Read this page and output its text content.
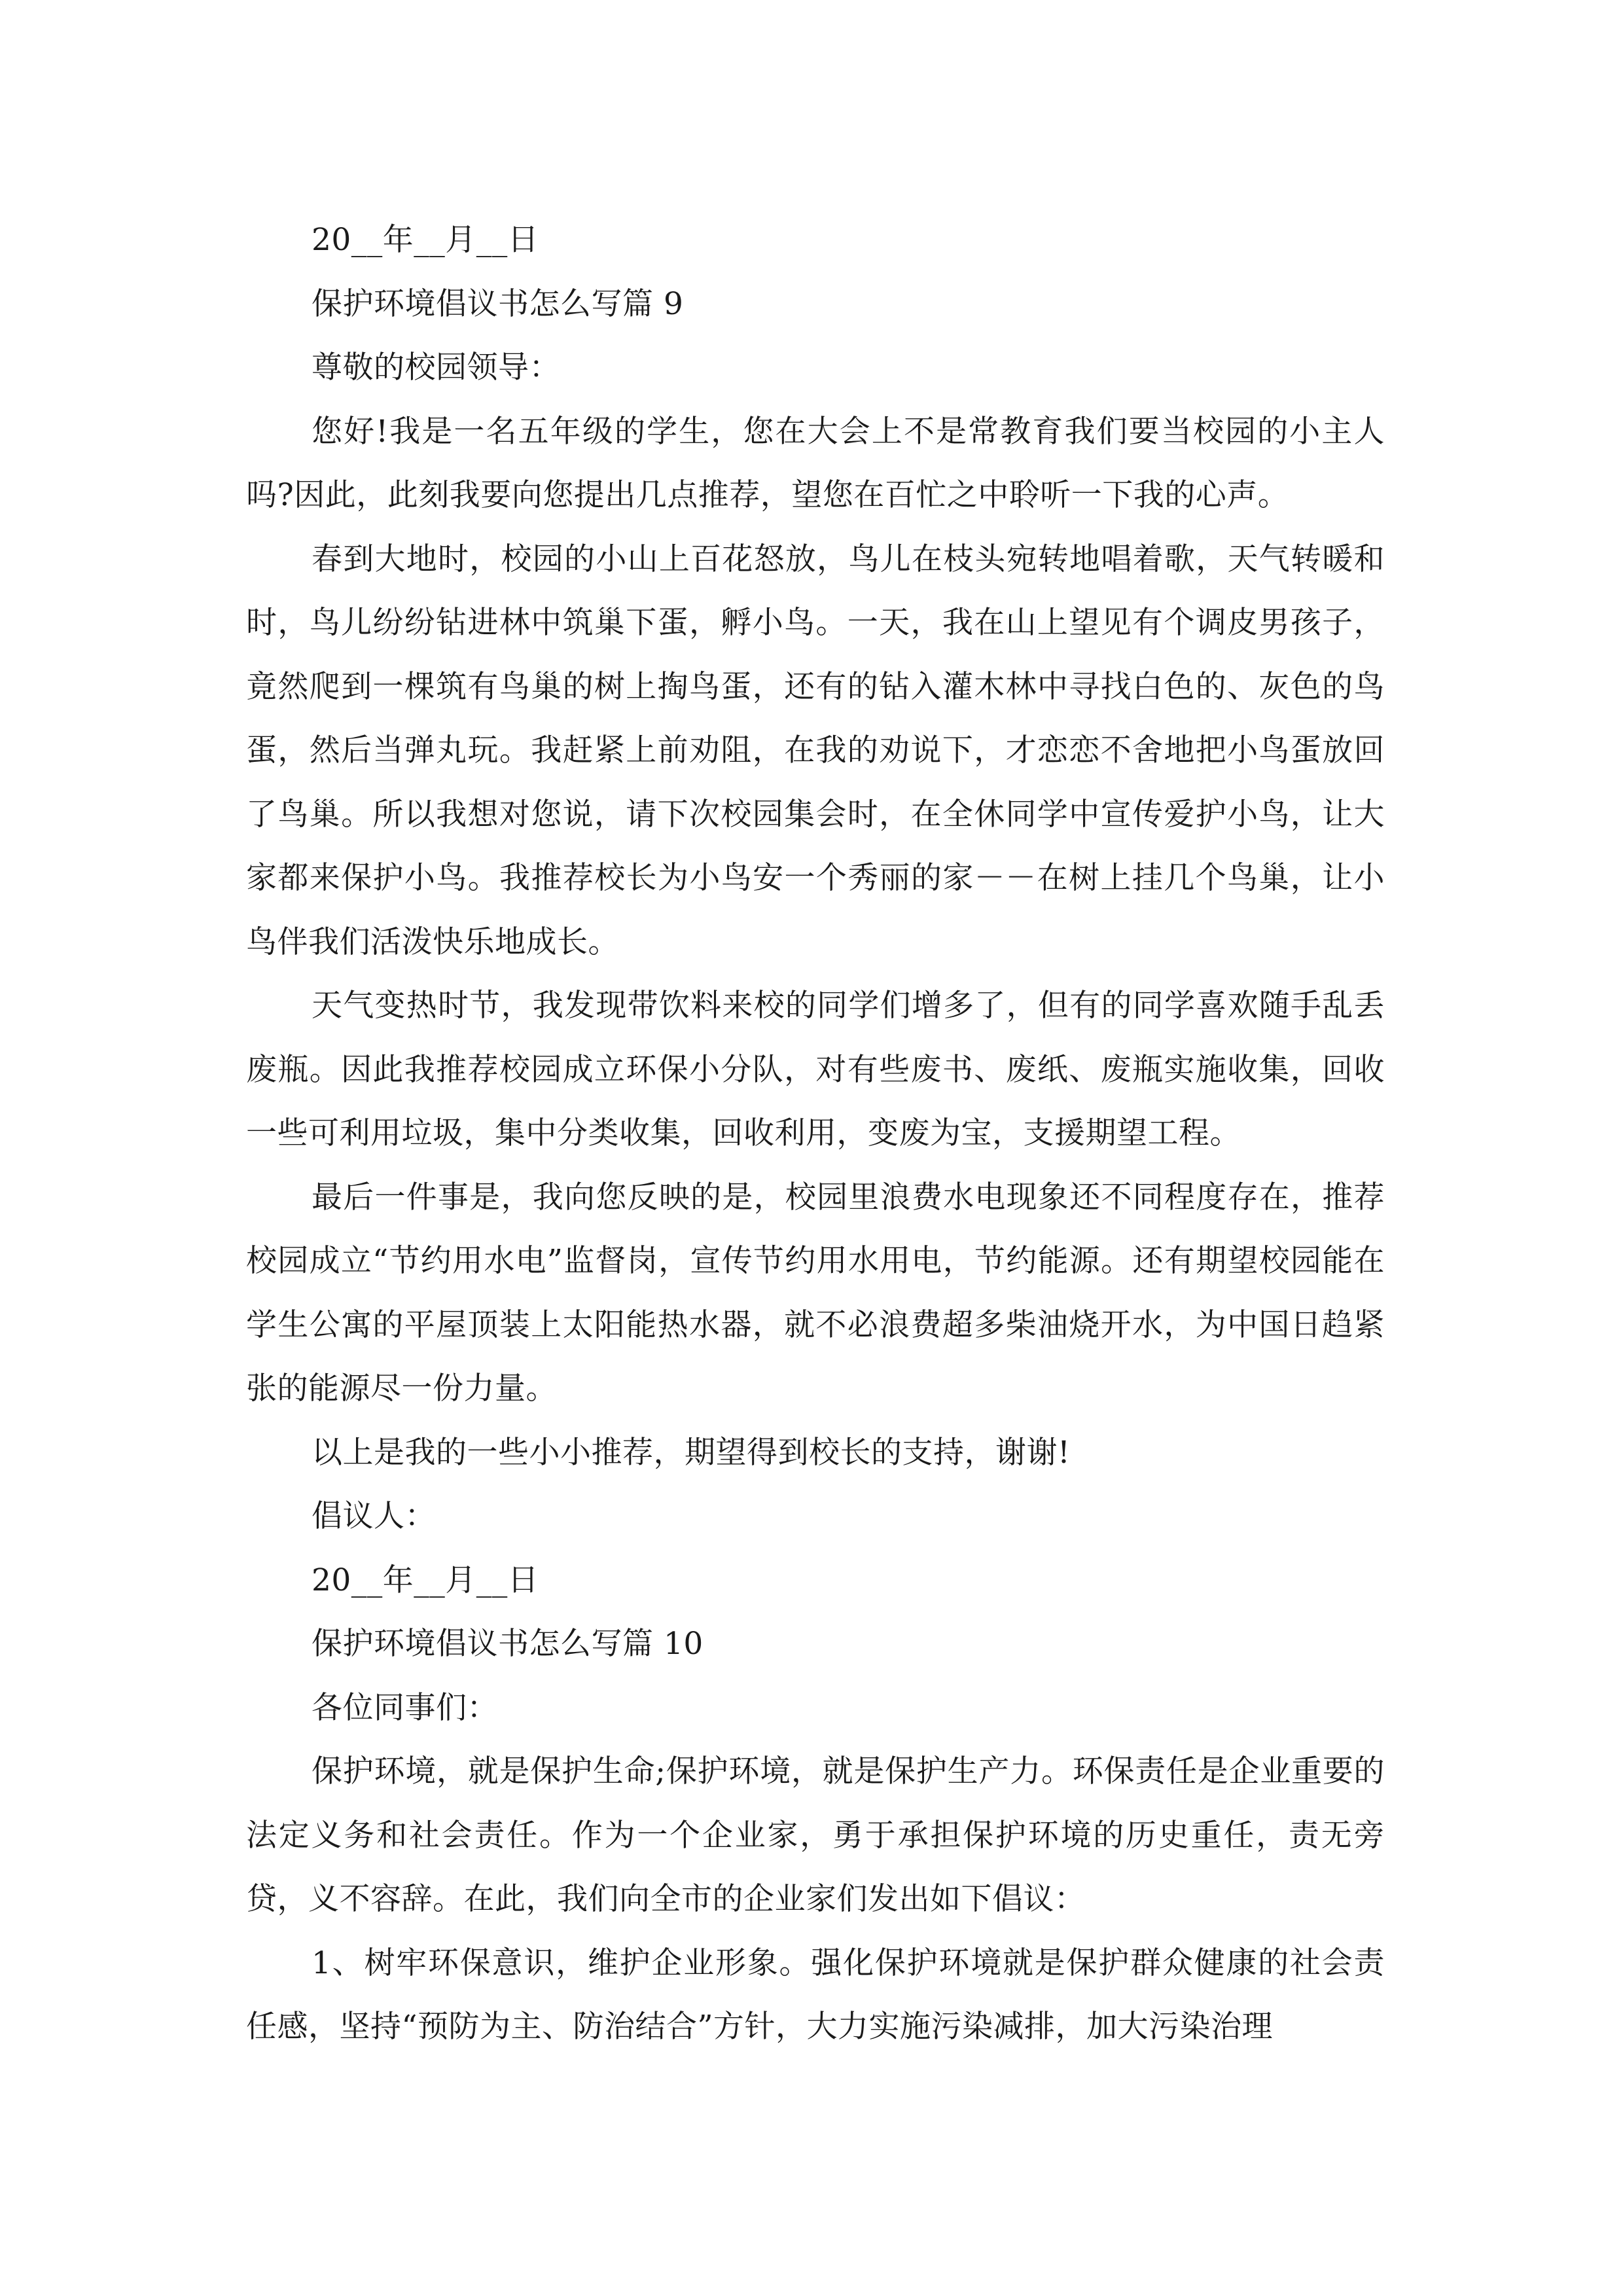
20__年__月__日

保护环境倡议书怎么写篇 9

尊敬的校园领导：

您好!我是一名五年级的学生，您在大会上不是常教育我们要当校园的小主人吗?因此，此刻我要向您提出几点推荐，望您在百忙之中聆听一下我的心声。

春到大地时，校园的小山上百花怒放，鸟儿在枝头宛转地唱着歌，天气转暖和时，鸟儿纷纷钻进林中筑巢下蛋，孵小鸟。一天，我在山上望见有个调皮男孩子，竟然爬到一棵筑有鸟巢的树上掏鸟蛋，还有的钻入灌木林中寻找白色的、灰色的鸟蛋，然后当弹丸玩。我赶紧上前劝阻，在我的劝说下，才恋恋不舍地把小鸟蛋放回了鸟巢。所以我想对您说，请下次校园集会时，在全休同学中宣传爱护小鸟，让大家都来保护小鸟。我推荐校长为小鸟安一个秀丽的家－－在树上挂几个鸟巢，让小鸟伴我们活泼快乐地成长。

天气变热时节，我发现带饮料来校的同学们增多了，但有的同学喜欢随手乱丢废瓶。因此我推荐校园成立环保小分队，对有些废书、废纸、废瓶实施收集，回收一些可利用垃圾，集中分类收集，回收利用，变废为宝，支援期望工程。

最后一件事是，我向您反映的是，校园里浪费水电现象还不同程度存在，推荐校园成立“节约用水电”监督岗，宣传节约用水用电，节约能源。还有期望校园能在学生公寓的平屋顶装上太阳能热水器，就不必浪费超多柴油烧开水，为中国日趋紧张的能源尽一份力量。

以上是我的一些小小推荐，期望得到校长的支持，谢谢!

倡议人：

20__年__月__日

保护环境倡议书怎么写篇 10

各位同事们：

保护环境，就是保护生命;保护环境，就是保护生产力。环保责任是企业重要的法定义务和社会责任。作为一个企业家，勇于承担保护环境的历史重任，责无旁贷，义不容辞。在此，我们向全市的企业家们发出如下倡议：

1、树牢环保意识，维护企业形象。强化保护环境就是保护群众健康的社会责任感，坚持“预防为主、防治结合”方针，大力实施污染减排，加大污染治理
